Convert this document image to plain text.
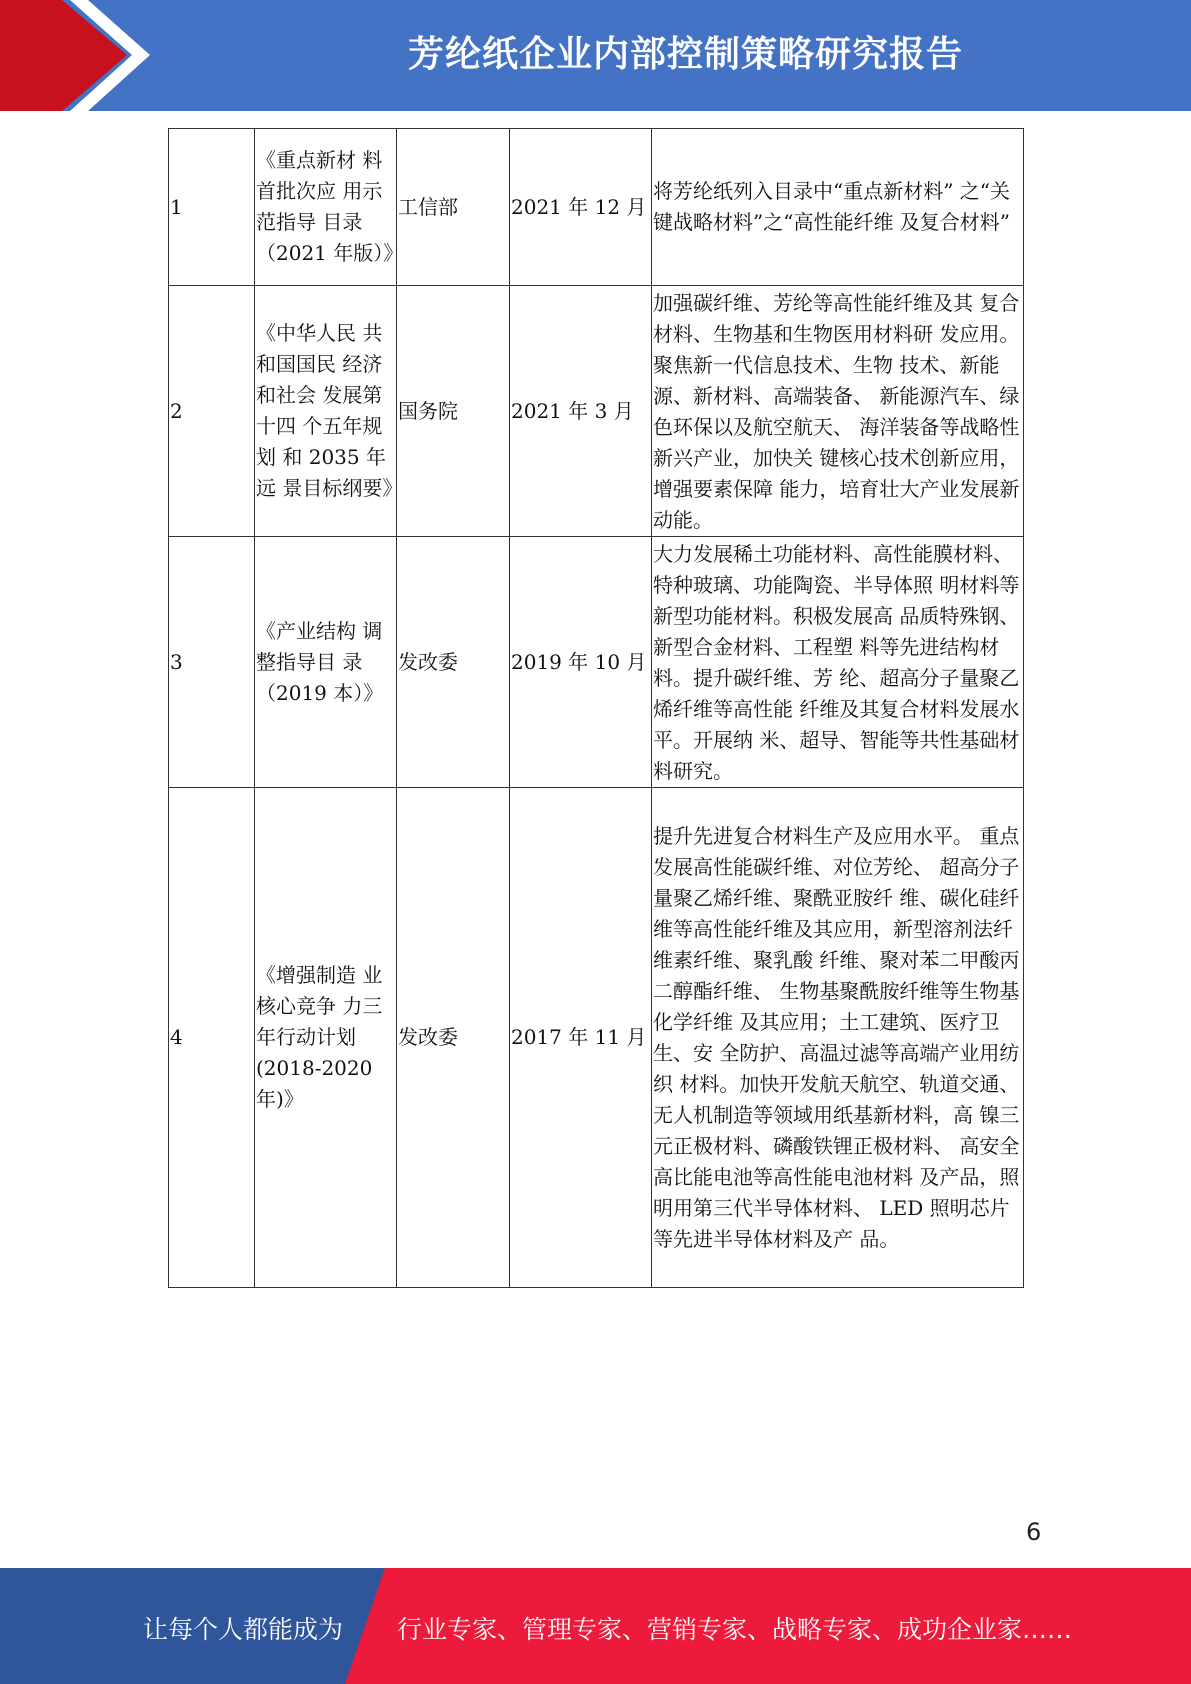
芳纶纸企业内部控制策略研究报告
1	《重点新材 料首批次应 用示范指导 目录（2021 年版）》	工信部	2021 年 12 月	将芳纶纸列入目录中“重点新材料” 之“关键战略材料”之“高性能纤维 及复合材料”
2	《中华人民 共和国国民 经济和社会 发展第十四 个五年规划 和 2035 年远 景目标纲要》	国务院	2021 年 3 月	加强碳纤维、芳纶等高性能纤维及其 复合材料、生物基和生物医用材料研 发应用。聚焦新一代信息技术、生物 技术、新能源、新材料、高端装备、 新能源汽车、绿色环保以及航空航天、 海洋装备等战略性新兴产业，加快关 键核心技术创新应用，增强要素保障 能力，培育壮大产业发展新动能。
3	《产业结构 调整指导目 录（2019 本）》	发改委	2019 年 10 月	大力发展稀土功能材料、高性能膜材料、特种玻璃、功能陶瓷、半导体照 明材料等新型功能材料。积极发展高 品质特殊钢、新型合金材料、工程塑 料等先进结构材料。提升碳纤维、芳 纶、超高分子量聚乙烯纤维等高性能 纤维及其复合材料发展水平。开展纳 米、超导、智能等共性基础材料研究。
4	《增强制造 业核心竞争 力三年行动计划(2018-2020 年)》	发改委	2017 年 11 月	提升先进复合材料生产及应用水平。 重点发展高性能碳纤维、对位芳纶、 超高分子量聚乙烯纤维、聚酰亚胺纤 维、碳化硅纤维等高性能纤维及其应用，新型溶剂法纤维素纤维、聚乳酸 纤维、聚对苯二甲酸丙二醇酯纤维、 生物基聚酰胺纤维等生物基化学纤维 及其应用；土工建筑、医疗卫生、安 全防护、高温过滤等高端产业用纺织 材料。加快开发航天航空、轨道交通、 无人机制造等领域用纸基新材料，高 镍三元正极材料、磷酸铁锂正极材料、 高安全高比能电池等高性能电池材料 及产品，照明用第三代半导体材料、 LED 照明芯片等先进半导体材料及产 品。
6
让每个人都能成为 行业专家、管理专家、营销专家、战略专家、成功企业家……
